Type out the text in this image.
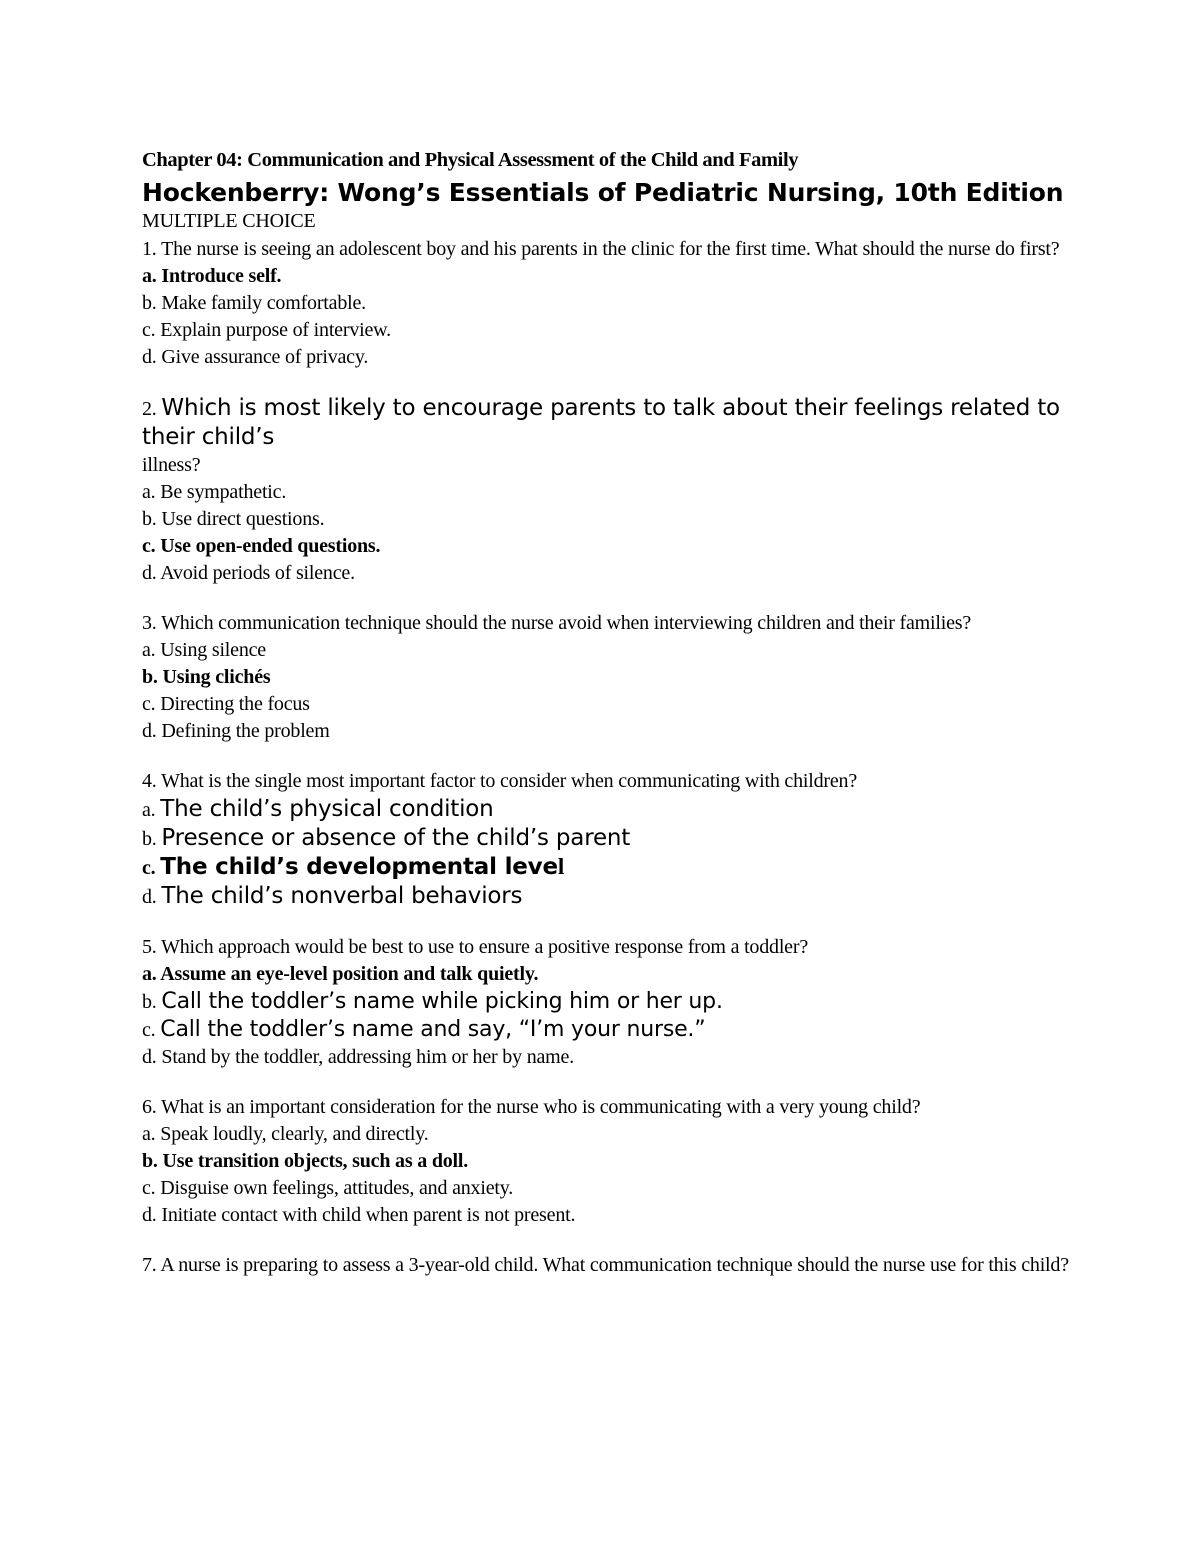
Chapter 04: Communication and Physical Assessment of the Child and Family
Hockenberry: Wong’s Essentials of Pediatric Nursing, 10th Edition
MULTIPLE CHOICE
1. The nurse is seeing an adolescent boy and his parents in the clinic for the first time. What should the nurse do first?
a. Introduce self.
b. Make family comfortable.
c. Explain purpose of interview.
d. Give assurance of privacy.
2. Which is most likely to encourage parents to talk about their feelings related to their child’s
illness?
a. Be sympathetic.
b. Use direct questions.
c. Use open-ended questions.
d. Avoid periods of silence.
3. Which communication technique should the nurse avoid when interviewing children and their families?
a. Using silence
b. Using clichés
c. Directing the focus
d. Defining the problem
4. What is the single most important factor to consider when communicating with children?
a. The child’s physical condition
b. Presence or absence of the child’s parent
c. The child’s developmental level
d. The child’s nonverbal behaviors
5. Which approach would be best to use to ensure a positive response from a toddler?
a. Assume an eye-level position and talk quietly.
b. Call the toddler’s name while picking him or her up.
c. Call the toddler’s name and say, “I’m your nurse.”
d. Stand by the toddler, addressing him or her by name.
6. What is an important consideration for the nurse who is communicating with a very young child?
a. Speak loudly, clearly, and directly.
b. Use transition objects, such as a doll.
c. Disguise own feelings, attitudes, and anxiety.
d. Initiate contact with child when parent is not present.
7. A nurse is preparing to assess a 3-year-old child. What communication technique should the nurse use for this child?
